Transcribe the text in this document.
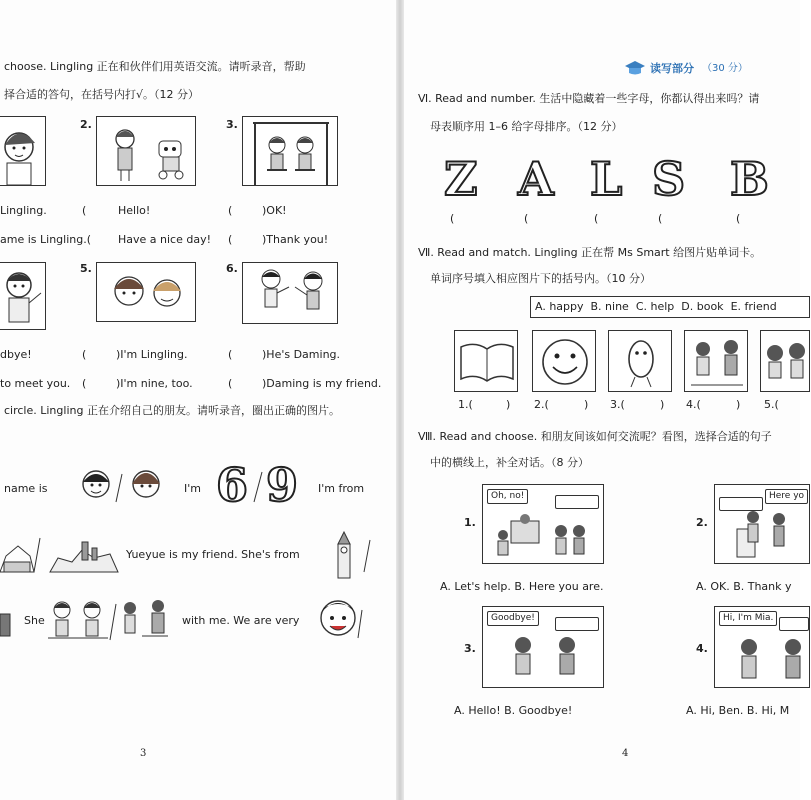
choose. Lingling 正在和伙伴们用英语交流。请听录音，帮助
择合适的答句，在括号内打√。（12 分）
2.	3.
Lingling.	(	Hello!	(	)OK!
ame is Lingling.( Have a nice day! (	)Thank you!
5.	6.
dbye!	(	)I'm Lingling.	(	)He's Daming.
to meet you. (	)I'm nine, too.	(	)Daming is my friend.
circle. Lingling 正在介绍自己的朋友。请听录音，圈出正确的图片。
name is	I'm 6 9 I'm from
Yueyue is my friend. She's from
She	with me. We are very
3
读写部分 （30 分）
Ⅵ. Read and number. 生活中隐藏着一些字母，你都认得出来吗？请
母表顺序用 1–6 给字母排序。（12 分）
Z A L S B
(	(	(	(	(
Ⅶ. Read and match. Lingling 正在帮 Ms Smart 给图片贴单词卡。
单词序号填入相应图片下的括号内。（10 分）
A. happy B. nine C. help D. book E. friend
1.(	) 2.(	) 3.(	) 4.(	) 5.(
Ⅷ. Read and choose. 和朋友间该如何交流呢？看图，选择合适的句子
中的横线上，补全对话。（8 分）
1.
Oh, no!
A. Let's help. B. Here you are.
2.
Here yo
A. OK. B. Thank y
3.
Goodbye!
A. Hello! B. Goodbye!
4.
Hi, I'm Mia.
A. Hi, Ben. B. Hi, M
4
